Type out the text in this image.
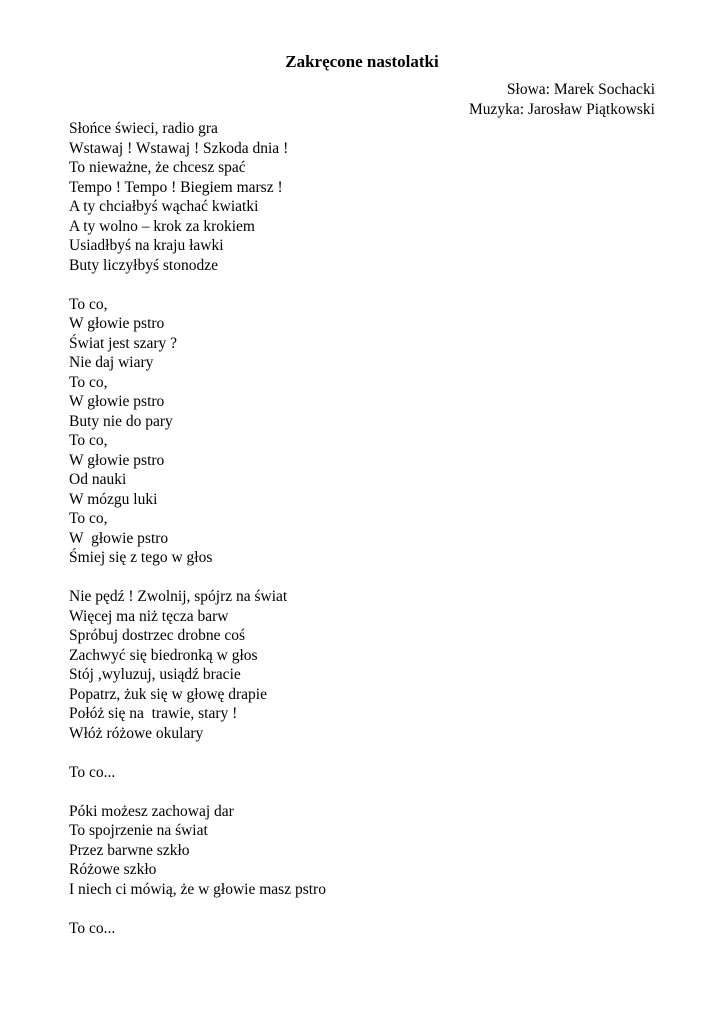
Zakręcone nastolatki
Słowa: Marek Sochacki
Muzyka: Jarosław Piątkowski
Słońce świeci, radio gra
Wstawaj ! Wstawaj ! Szkoda dnia !
To nieważne, że chcesz spać
Tempo ! Tempo ! Biegiem marsz !
A ty chciałbyś wąchać kwiatki
A ty wolno – krok za krokiem
Usiadłbyś na kraju ławki
Buty liczyłbyś stonodze
To co,
W głowie pstro
Świat jest szary ?
Nie daj wiary
To co,
W głowie pstro
Buty nie do pary
To co,
W głowie pstro
Od nauki
W mózgu luki
To co,
W  głowie pstro
Śmiej się z tego w głos
Nie pędź ! Zwolnij, spójrz na świat
Więcej ma niż tęcza barw
Spróbuj dostrzec drobne coś
Zachwyć się biedronką w głos
Stój ,wyluzuj, usiądź bracie
Popatrz, żuk się w głowę drapie
Połóż się na  trawie, stary !
Włóż różowe okulary
To co...
Póki możesz zachowaj dar
To spojrzenie na świat
Przez barwne szkło
Różowe szkło
I niech ci mówią, że w głowie masz pstro
To co...
